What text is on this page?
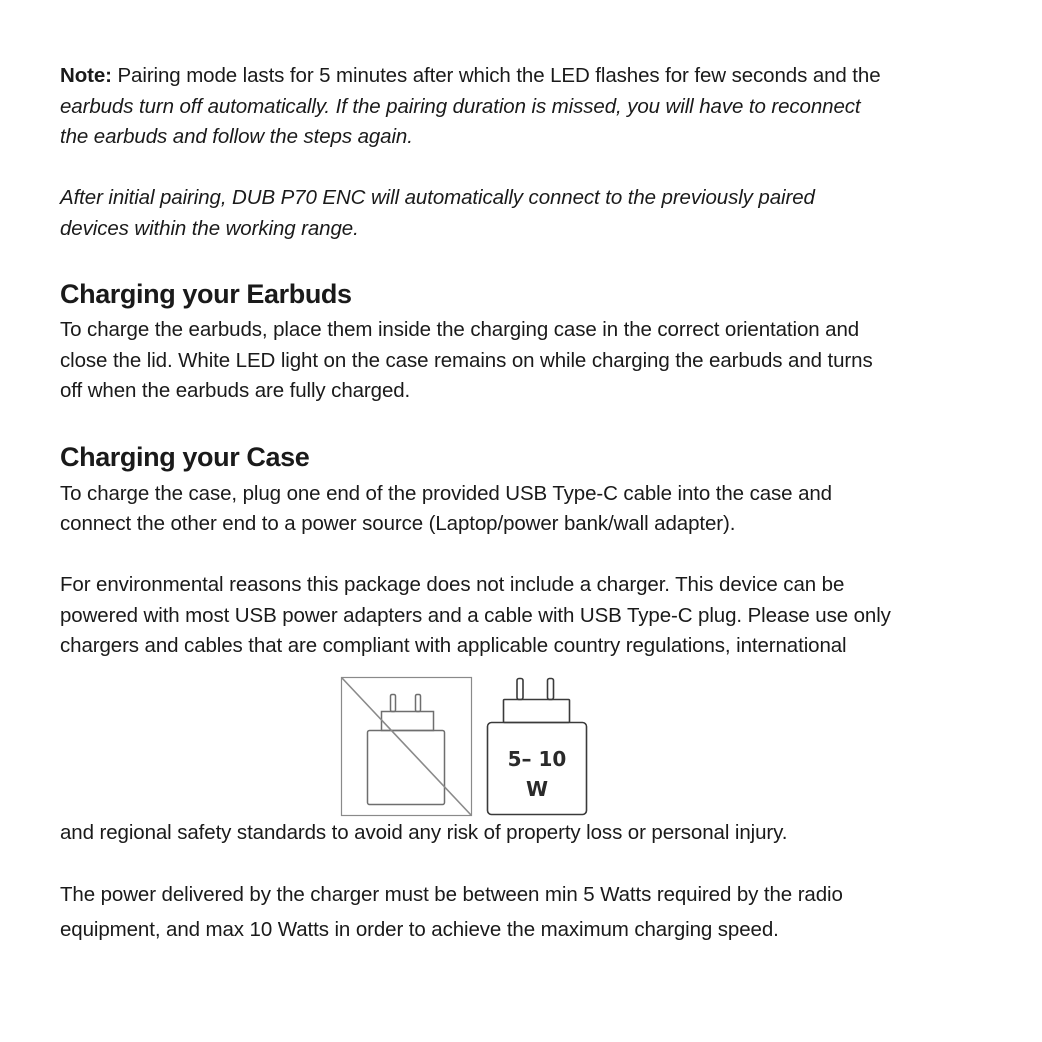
Note: Pairing mode lasts for 5 minutes after which the LED flashes for few seconds and the
earbuds turn off automatically. If the pairing duration is missed, you will have to reconnect
the earbuds and follow the steps again.
After initial pairing, DUB P70 ENC will automatically connect to the previously paired
devices within the working range.
Charging your Earbuds
To charge the earbuds, place them inside the charging case in the correct orientation and
close the lid. White LED light on the case remains on while charging the earbuds and turns
off when the earbuds are fully charged.
Charging your Case
To charge the case, plug one end of the provided USB Type-C cable into the case and
connect the other end to a power source (Laptop/power bank/wall adapter).
For environmental reasons this package does not include a charger. This device can be
powered with most USB power adapters and a cable with USB Type-C plug. Please use only
chargers and cables that are compliant with applicable country regulations, international
and regional safety standards to avoid any risk of property loss or personal injury.
The power delivered by the charger must be between min 5 Watts required by the radio
equipment, and max 10 Watts in order to achieve the maximum charging speed.
5– 10
W
